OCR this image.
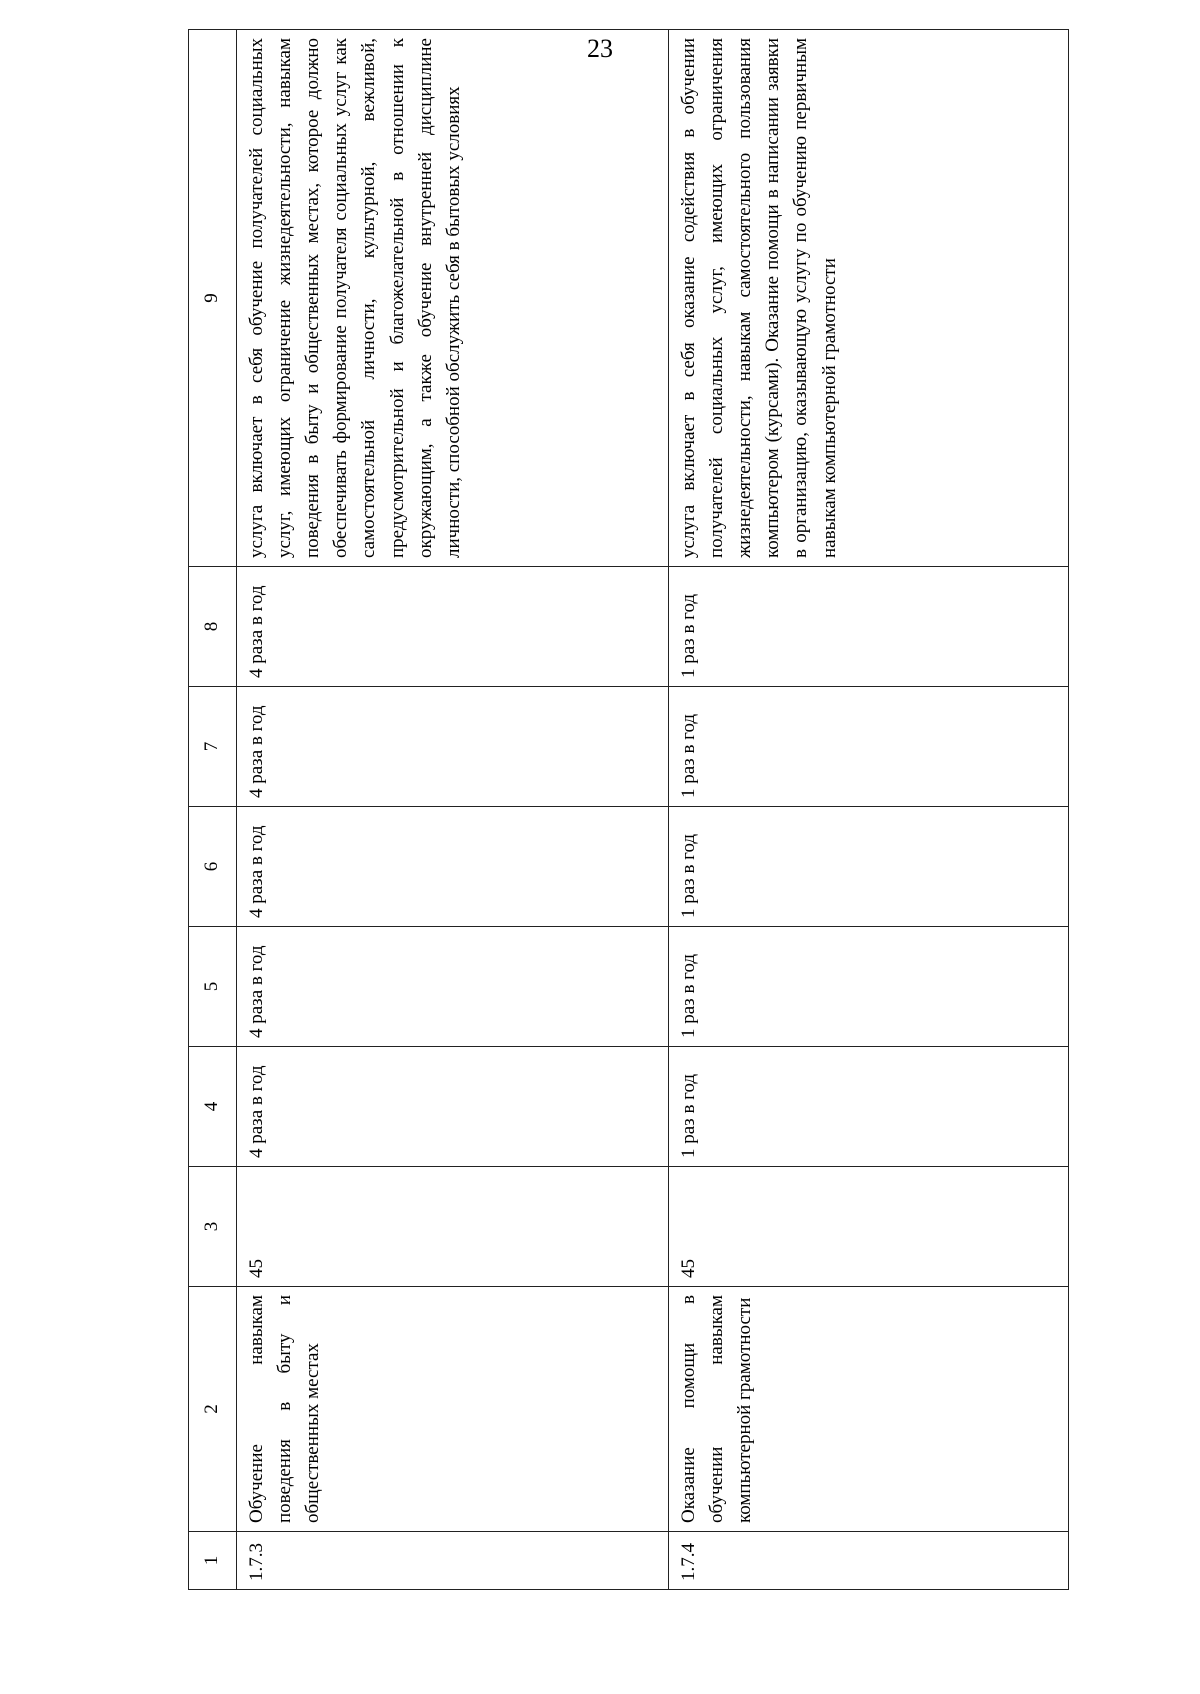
23
1	2	3	4	5	6	7	8	9
1.7.3	Обучение навыкам поведения в быту и общественных местах	45	4 раза в год	4 раза в год	4 раза в год	4 раза в год	4 раза в год	услуга включает в себя обучение получателей социальных услуг, имеющих ограничение жизнедеятельности, навыкам поведения в быту и общественных местах, которое должно обеспечивать формирование получателя социальных услуг как самостоятельной личности, культурной, вежливой, предусмотрительной и благожелательной в отношении к окружающим, а также обучение внутренней дисциплине личности, способной обслужить себя в бытовых условиях
1.7.4	Оказание помощи в обучении навыкам компьютерной грамотности	45	1 раз в год	1 раз в год	1 раз в год	1 раз в год	1 раз в год	услуга включает в себя оказание содействия в обучении получателей социальных услуг, имеющих ограничения жизнедеятельности, навыкам самостоятельного пользования компьютером (курсами). Оказание помощи в написании заявки в организацию, оказывающую услугу по обучению первичным навыкам компьютерной грамотности
